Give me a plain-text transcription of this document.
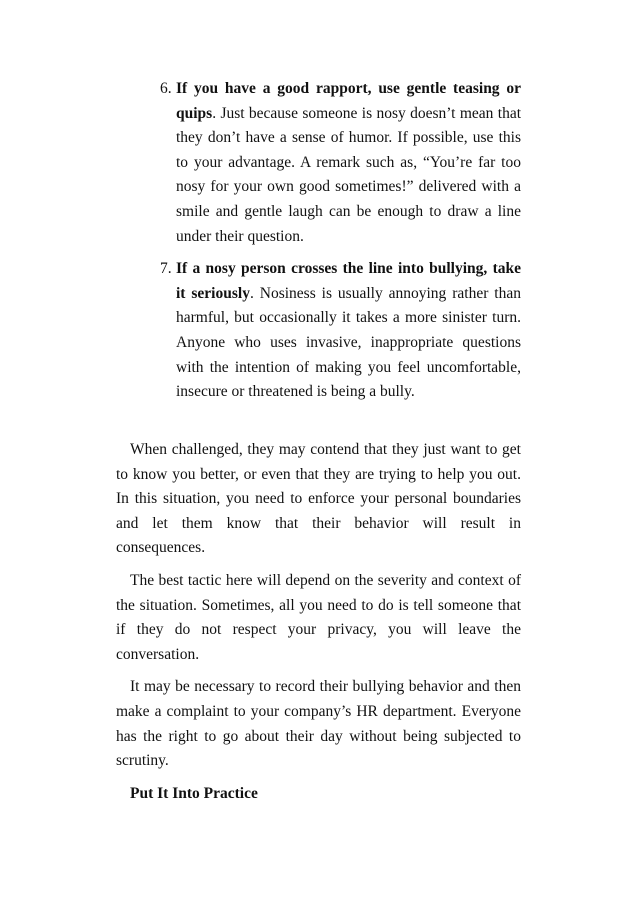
6. If you have a good rapport, use gentle teasing or quips. Just because someone is nosy doesn’t mean that they don’t have a sense of humor. If possible, use this to your advantage. A remark such as, “You’re far too nosy for your own good sometimes!” delivered with a smile and gentle laugh can be enough to draw a line under their question.
7. If a nosy person crosses the line into bullying, take it seriously. Nosiness is usually annoying rather than harmful, but occasionally it takes a more sinister turn. Anyone who uses invasive, inappropriate questions with the intention of making you feel uncomfortable, insecure or threatened is being a bully.

When challenged, they may contend that they just want to get to know you better, or even that they are trying to help you out. In this situation, you need to enforce your personal boundaries and let them know that their behavior will result in consequences.

The best tactic here will depend on the severity and context of the situation. Sometimes, all you need to do is tell someone that if they do not respect your privacy, you will leave the conversation.

It may be necessary to record their bullying behavior and then make a complaint to your company’s HR department. Everyone has the right to go about their day without being subjected to scrutiny.

Put It Into Practice
